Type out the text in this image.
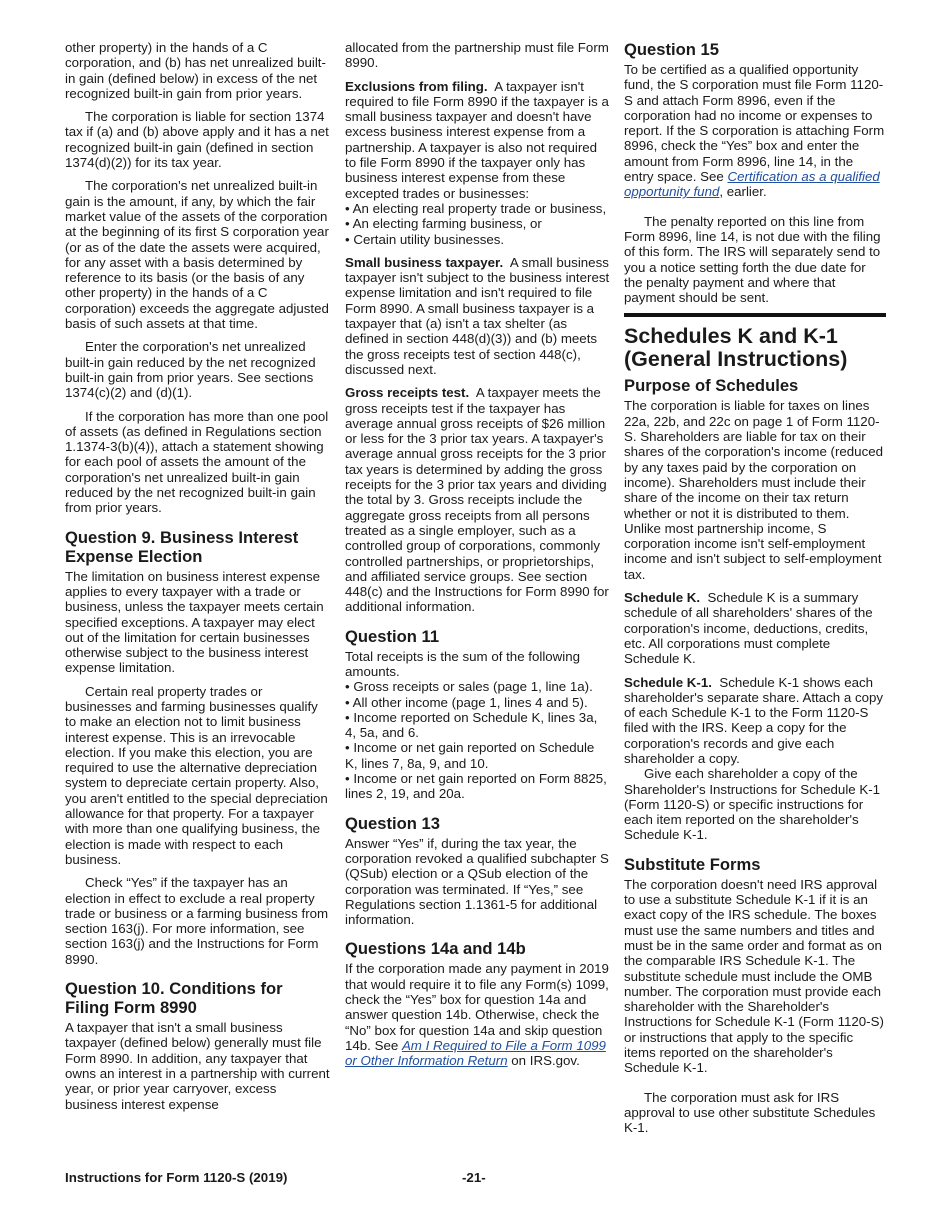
other property) in the hands of a C corporation, and (b) has net unrealized built-in gain (defined below) in excess of the net recognized built-in gain from prior years.

The corporation is liable for section 1374 tax if (a) and (b) above apply and it has a net recognized built-in gain (defined in section 1374(d)(2)) for its tax year.

The corporation's net unrealized built-in gain is the amount, if any, by which the fair market value of the assets of the corporation at the beginning of its first S corporation year (or as of the date the assets were acquired, for any asset with a basis determined by reference to its basis (or the basis of any other property) in the hands of a C corporation) exceeds the aggregate adjusted basis of such assets at that time.

Enter the corporation's net unrealized built-in gain reduced by the net recognized built-in gain from prior years. See sections 1374(c)(2) and (d)(1).

If the corporation has more than one pool of assets (as defined in Regulations section 1.1374-3(b)(4)), attach a statement showing for each pool of assets the amount of the corporation's net unrealized built-in gain reduced by the net recognized built-in gain from prior years.

Question 9. Business Interest Expense Election

The limitation on business interest expense applies to every taxpayer with a trade or business, unless the taxpayer meets certain specified exceptions. A taxpayer may elect out of the limitation for certain businesses otherwise subject to the business interest expense limitation.

Certain real property trades or businesses and farming businesses qualify to make an election not to limit business interest expense. This is an irrevocable election. If you make this election, you are required to use the alternative depreciation system to depreciate certain property. Also, you aren't entitled to the special depreciation allowance for that property. For a taxpayer with more than one qualifying business, the election is made with respect to each business.

Check “Yes” if the taxpayer has an election in effect to exclude a real property trade or business or a farming business from section 163(j). For more information, see section 163(j) and the Instructions for Form 8990.

Question 10. Conditions for Filing Form 8990

A taxpayer that isn't a small business taxpayer (defined below) generally must file Form 8990. In addition, any taxpayer that owns an interest in a partnership with current year, or prior year carryover, excess business interest expense

allocated from the partnership must file Form 8990.

Exclusions from filing. A taxpayer isn't required to file Form 8990 if the taxpayer is a small business taxpayer and doesn't have excess business interest expense from a partnership. A taxpayer is also not required to file Form 8990 if the taxpayer only has business interest expense from these excepted trades or businesses:

• An electing real property trade or business,
• An electing farming business, or
• Certain utility businesses.

Small business taxpayer. A small business taxpayer isn't subject to the business interest expense limitation and isn't required to file Form 8990. A small business taxpayer is a taxpayer that (a) isn't a tax shelter (as defined in section 448(d)(3)) and (b) meets the gross receipts test of section 448(c), discussed next.

Gross receipts test. A taxpayer meets the gross receipts test if the taxpayer has average annual gross receipts of $26 million or less for the 3 prior tax years. A taxpayer's average annual gross receipts for the 3 prior tax years is determined by adding the gross receipts for the 3 prior tax years and dividing the total by 3. Gross receipts include the aggregate gross receipts from all persons treated as a single employer, such as a controlled group of corporations, commonly controlled partnerships, or proprietorships, and affiliated service groups. See section 448(c) and the Instructions for Form 8990 for additional information.

Question 11

Total receipts is the sum of the following amounts.

• Gross receipts or sales (page 1, line 1a).
• All other income (page 1, lines 4 and 5).
• Income reported on Schedule K, lines 3a, 4, 5a, and 6.
• Income or net gain reported on Schedule K, lines 7, 8a, 9, and 10.
• Income or net gain reported on Form 8825, lines 2, 19, and 20a.
Question 13

Answer “Yes” if, during the tax year, the corporation revoked a qualified subchapter S (QSub) election or a QSub election of the corporation was terminated. If “Yes,” see Regulations section 1.1361-5 for additional information.

Questions 14a and 14b

If the corporation made any payment in 2019 that would require it to file any Form(s) 1099, check the “Yes” box for question 14a and answer question 14b. Otherwise, check the “No” box for question 14a and skip question 14b. See Am I Required to File a Form 1099 or Other Information Return on IRS.gov.

Question 15

To be certified as a qualified opportunity fund, the S corporation must file Form 1120-S and attach Form 8996, even if the corporation had no income or expenses to report. If the S corporation is attaching Form 8996, check the “Yes” box and enter the amount from Form 8996, line 14, in the entry space. See Certification as a qualified opportunity fund, earlier.

The penalty reported on this line from Form 8996, line 14, is not due with the filing of this form. The IRS will separately send to you a notice setting forth the due date for the penalty payment and where that payment should be sent.

Schedules K and K-1 (General Instructions)
Purpose of Schedules

The corporation is liable for taxes on lines 22a, 22b, and 22c on page 1 of Form 1120-S. Shareholders are liable for tax on their shares of the corporation's income (reduced by any taxes paid by the corporation on income). Shareholders must include their share of the income on their tax return whether or not it is distributed to them. Unlike most partnership income, S corporation income isn't self-employment income and isn't subject to self-employment tax.

Schedule K. Schedule K is a summary schedule of all shareholders' shares of the corporation's income, deductions, credits, etc. All corporations must complete Schedule K.

Schedule K-1. Schedule K-1 shows each shareholder's separate share. Attach a copy of each Schedule K-1 to the Form 1120-S filed with the IRS. Keep a copy for the corporation's records and give each shareholder a copy.

Give each shareholder a copy of the Shareholder's Instructions for Schedule K-1 (Form 1120-S) or specific instructions for each item reported on the shareholder's Schedule K-1.

Substitute Forms

The corporation doesn't need IRS approval to use a substitute Schedule K-1 if it is an exact copy of the IRS schedule. The boxes must use the same numbers and titles and must be in the same order and format as on the comparable IRS Schedule K-1. The substitute schedule must include the OMB number. The corporation must provide each shareholder with the Shareholder's Instructions for Schedule K-1 (Form 1120-S) or instructions that apply to the specific items reported on the shareholder's Schedule K-1.

The corporation must ask for IRS approval to use other substitute Schedules K-1.

Instructions for Form 1120-S (2019)	-21-
